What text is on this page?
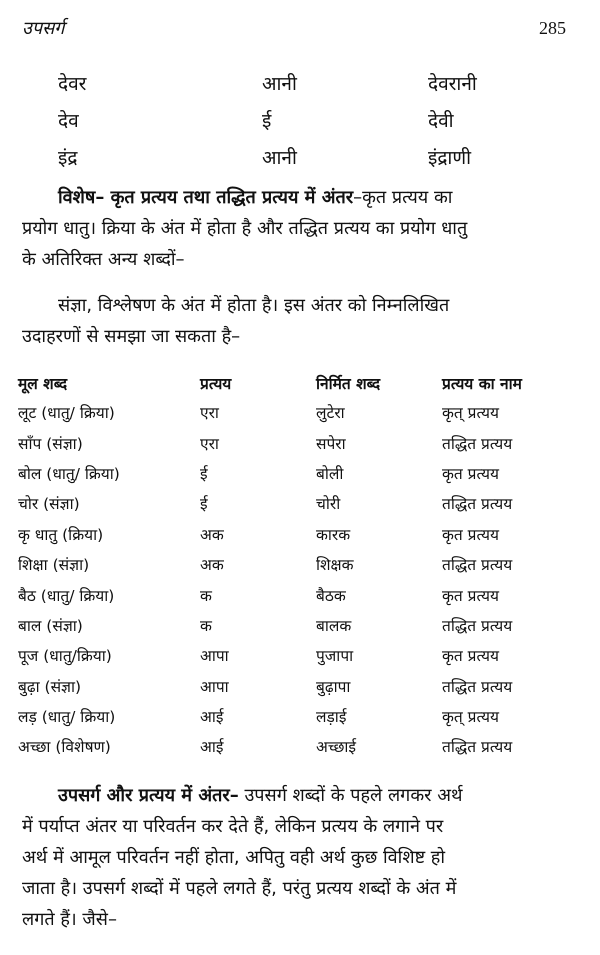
उपसर्ग	285
देवर	आनी	देवरानी
देव	ई	देवी
इंद्र	आनी	इंद्राणी
विशेष– कृत प्रत्यय तथा तद्धित प्रत्यय में अंतर–कृत प्रत्यय का
प्रयोग धातु। क्रिया के अंत में होता है और तद्धित प्रत्यय का प्रयोग धातु
के अतिरिक्त अन्य शब्दों–
संज्ञा, विश्लेषण के अंत में होता है। इस अंतर को निम्नलिखित
उदाहरणों से समझा जा सकता है–
मूल शब्द	प्रत्यय	निर्मित शब्द	प्रत्यय का नाम
लूट (धातु/ क्रिया)	एरा	लुटेरा	कृत् प्रत्यय
साँप (संज्ञा)	एरा	सपेरा	तद्धित प्रत्यय
बोल (धातु/ क्रिया)	ई	बोली	कृत प्रत्यय
चोर (संज्ञा)	ई	चोरी	तद्धित प्रत्यय
कृ धातु (क्रिया)	अक	कारक	कृत प्रत्यय
शिक्षा (संज्ञा)	अक	शिक्षक	तद्धित प्रत्यय
बैठ (धातु/ क्रिया)	क	बैठक	कृत प्रत्यय
बाल (संज्ञा)	क	बालक	तद्धित प्रत्यय
पूज (धातु/क्रिया)	आपा	पुजापा	कृत प्रत्यय
बुढ़ा (संज्ञा)	आपा	बुढ़ापा	तद्धित प्रत्यय
लड़ (धातु/ क्रिया)	आई	लड़ाई	कृत् प्रत्यय
अच्छा (विशेषण)	आई	अच्छाई	तद्धित प्रत्यय
उपसर्ग और प्रत्यय में अंतर– उपसर्ग शब्दों के पहले लगकर अर्थ
में पर्याप्त अंतर या परिवर्तन कर देते हैं, लेकिन प्रत्यय के लगाने पर
अर्थ में आमूल परिवर्तन नहीं होता, अपितु वही अर्थ कुछ विशिष्ट हो
जाता है। उपसर्ग शब्दों में पहले लगते हैं, परंतु प्रत्यय शब्दों के अंत में
लगते हैं। जैसे–
